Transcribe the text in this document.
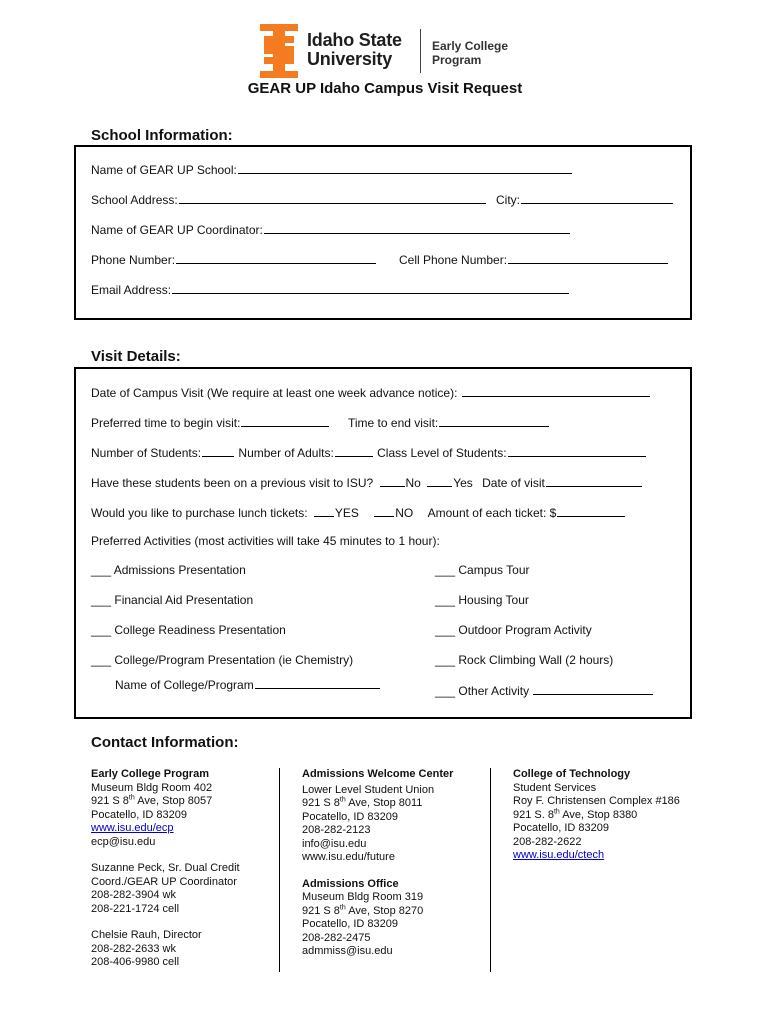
Idaho State
University
Early College
Program
GEAR UP Idaho Campus Visit Request
School Information:
Name of GEAR UP School:
School Address:	City:
Name of GEAR UP Coordinator:
Phone Number:	Cell Phone Number:
Email Address:
Visit Details:
Date of Campus Visit (We require at least one week advance notice):
Preferred time to begin visit:	Time to end visit:
Number of Students:	Number of Adults:	Class Level of Students:
Have these students been on a previous visit to ISU?	No	Yes Date of visit
Would you like to purchase lunch tickets: YES	NO Amount of each ticket: $
Preferred Activities (most activities will take 45 minutes to 1 hour):
___ Admissions Presentation
___ Financial Aid Presentation
___ College Readiness Presentation
___ College/Program Presentation (ie Chemistry)
Name of College/Program
___ Campus Tour
___ Housing Tour
___ Outdoor Program Activity
___ Rock Climbing Wall (2 hours)
___ Other Activity
Contact Information:
Early College Program
Museum Bldg Room 402
921 S 8th Ave, Stop 8057
Pocatello, ID 83209
www.isu.edu/ecp
ecp@isu.edu
Suzanne Peck, Sr. Dual Credit
Coord./GEAR UP Coordinator
208-282-3904 wk
208-221-1724 cell
Chelsie Rauh, Director
208-282-2633 wk
208-406-9980 cell
Admissions Welcome Center
Lower Level Student Union
921 S 8th Ave, Stop 8011
Pocatello, ID 83209
208-282-2123
info@isu.edu
www.isu.edu/future
Admissions Office
Museum Bldg Room 319
921 S 8th Ave, Stop 8270
Pocatello, ID 83209
208-282-2475
admmiss@isu.edu
College of Technology
Student Services
Roy F. Christensen Complex #186
921 S. 8th Ave, Stop 8380
Pocatello, ID 83209
208-282-2622
www.isu.edu/ctech
